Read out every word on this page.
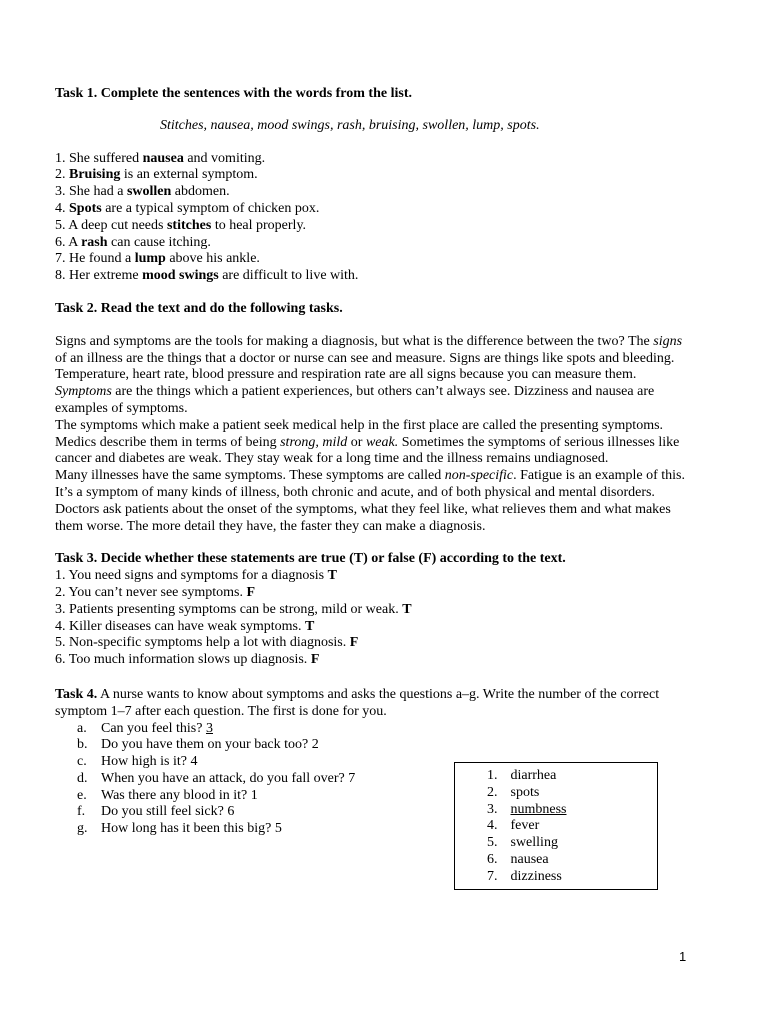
Task 1. Complete the sentences with the words from the list.
Stitches, nausea, mood swings, rash, bruising, swollen, lump, spots.
1. She suffered nausea and vomiting.
2. Bruising is an external symptom.
3. She had a swollen abdomen.
4. Spots are a typical symptom of chicken pox.
5. A deep cut needs stitches to heal properly.
6. A rash can cause itching.
7. He found a lump above his ankle.
8. Her extreme mood swings are difficult to live with.
Task 2. Read the text and do the following tasks.
Signs and symptoms are the tools for making a diagnosis, but what is the difference between the two? The signs of an illness are the things that a doctor or nurse can see and measure. Signs are things like spots and bleeding. Temperature, heart rate, blood pressure and respiration rate are all signs because you can measure them. Symptoms are the things which a patient experiences, but others can’t always see. Dizziness and nausea are examples of symptoms.
The symptoms which make a patient seek medical help in the first place are called the presenting symptoms. Medics describe them in terms of being strong, mild or weak. Sometimes the symptoms of serious illnesses like cancer and diabetes are weak. They stay weak for a long time and the illness remains undiagnosed.
Many illnesses have the same symptoms. These symptoms are called non-specific. Fatigue is an example of this. It’s a symptom of many kinds of illness, both chronic and acute, and of both physical and mental disorders.
Doctors ask patients about the onset of the symptoms, what they feel like, what relieves them and what makes them worse. The more detail they have, the faster they can make a diagnosis.
Task 3. Decide whether these statements are true (T) or false (F) according to the text.
1. You need signs and symptoms for a diagnosis T
2. You can’t never see symptoms. F
3. Patients presenting symptoms can be strong, mild or weak. T
4. Killer diseases can have weak symptoms. T
5. Non-specific symptoms help a lot with diagnosis. F
6. Too much information slows up diagnosis. F
Task 4. A nurse wants to know about symptoms and asks the questions a–g. Write the number of the correct symptom 1–7 after each question. The first is done for you.
a. Can you feel this? 3
b. Do you have them on your back too? 2
c. How high is it? 4
d. When you have an attack, do you fall over? 7
e. Was there any blood in it? 1
f. Do you still feel sick? 6
g. How long has it been this big? 5
1. diarrhea
2. spots
3. numbness
4. fever
5. swelling
6. nausea
7. dizziness
1
